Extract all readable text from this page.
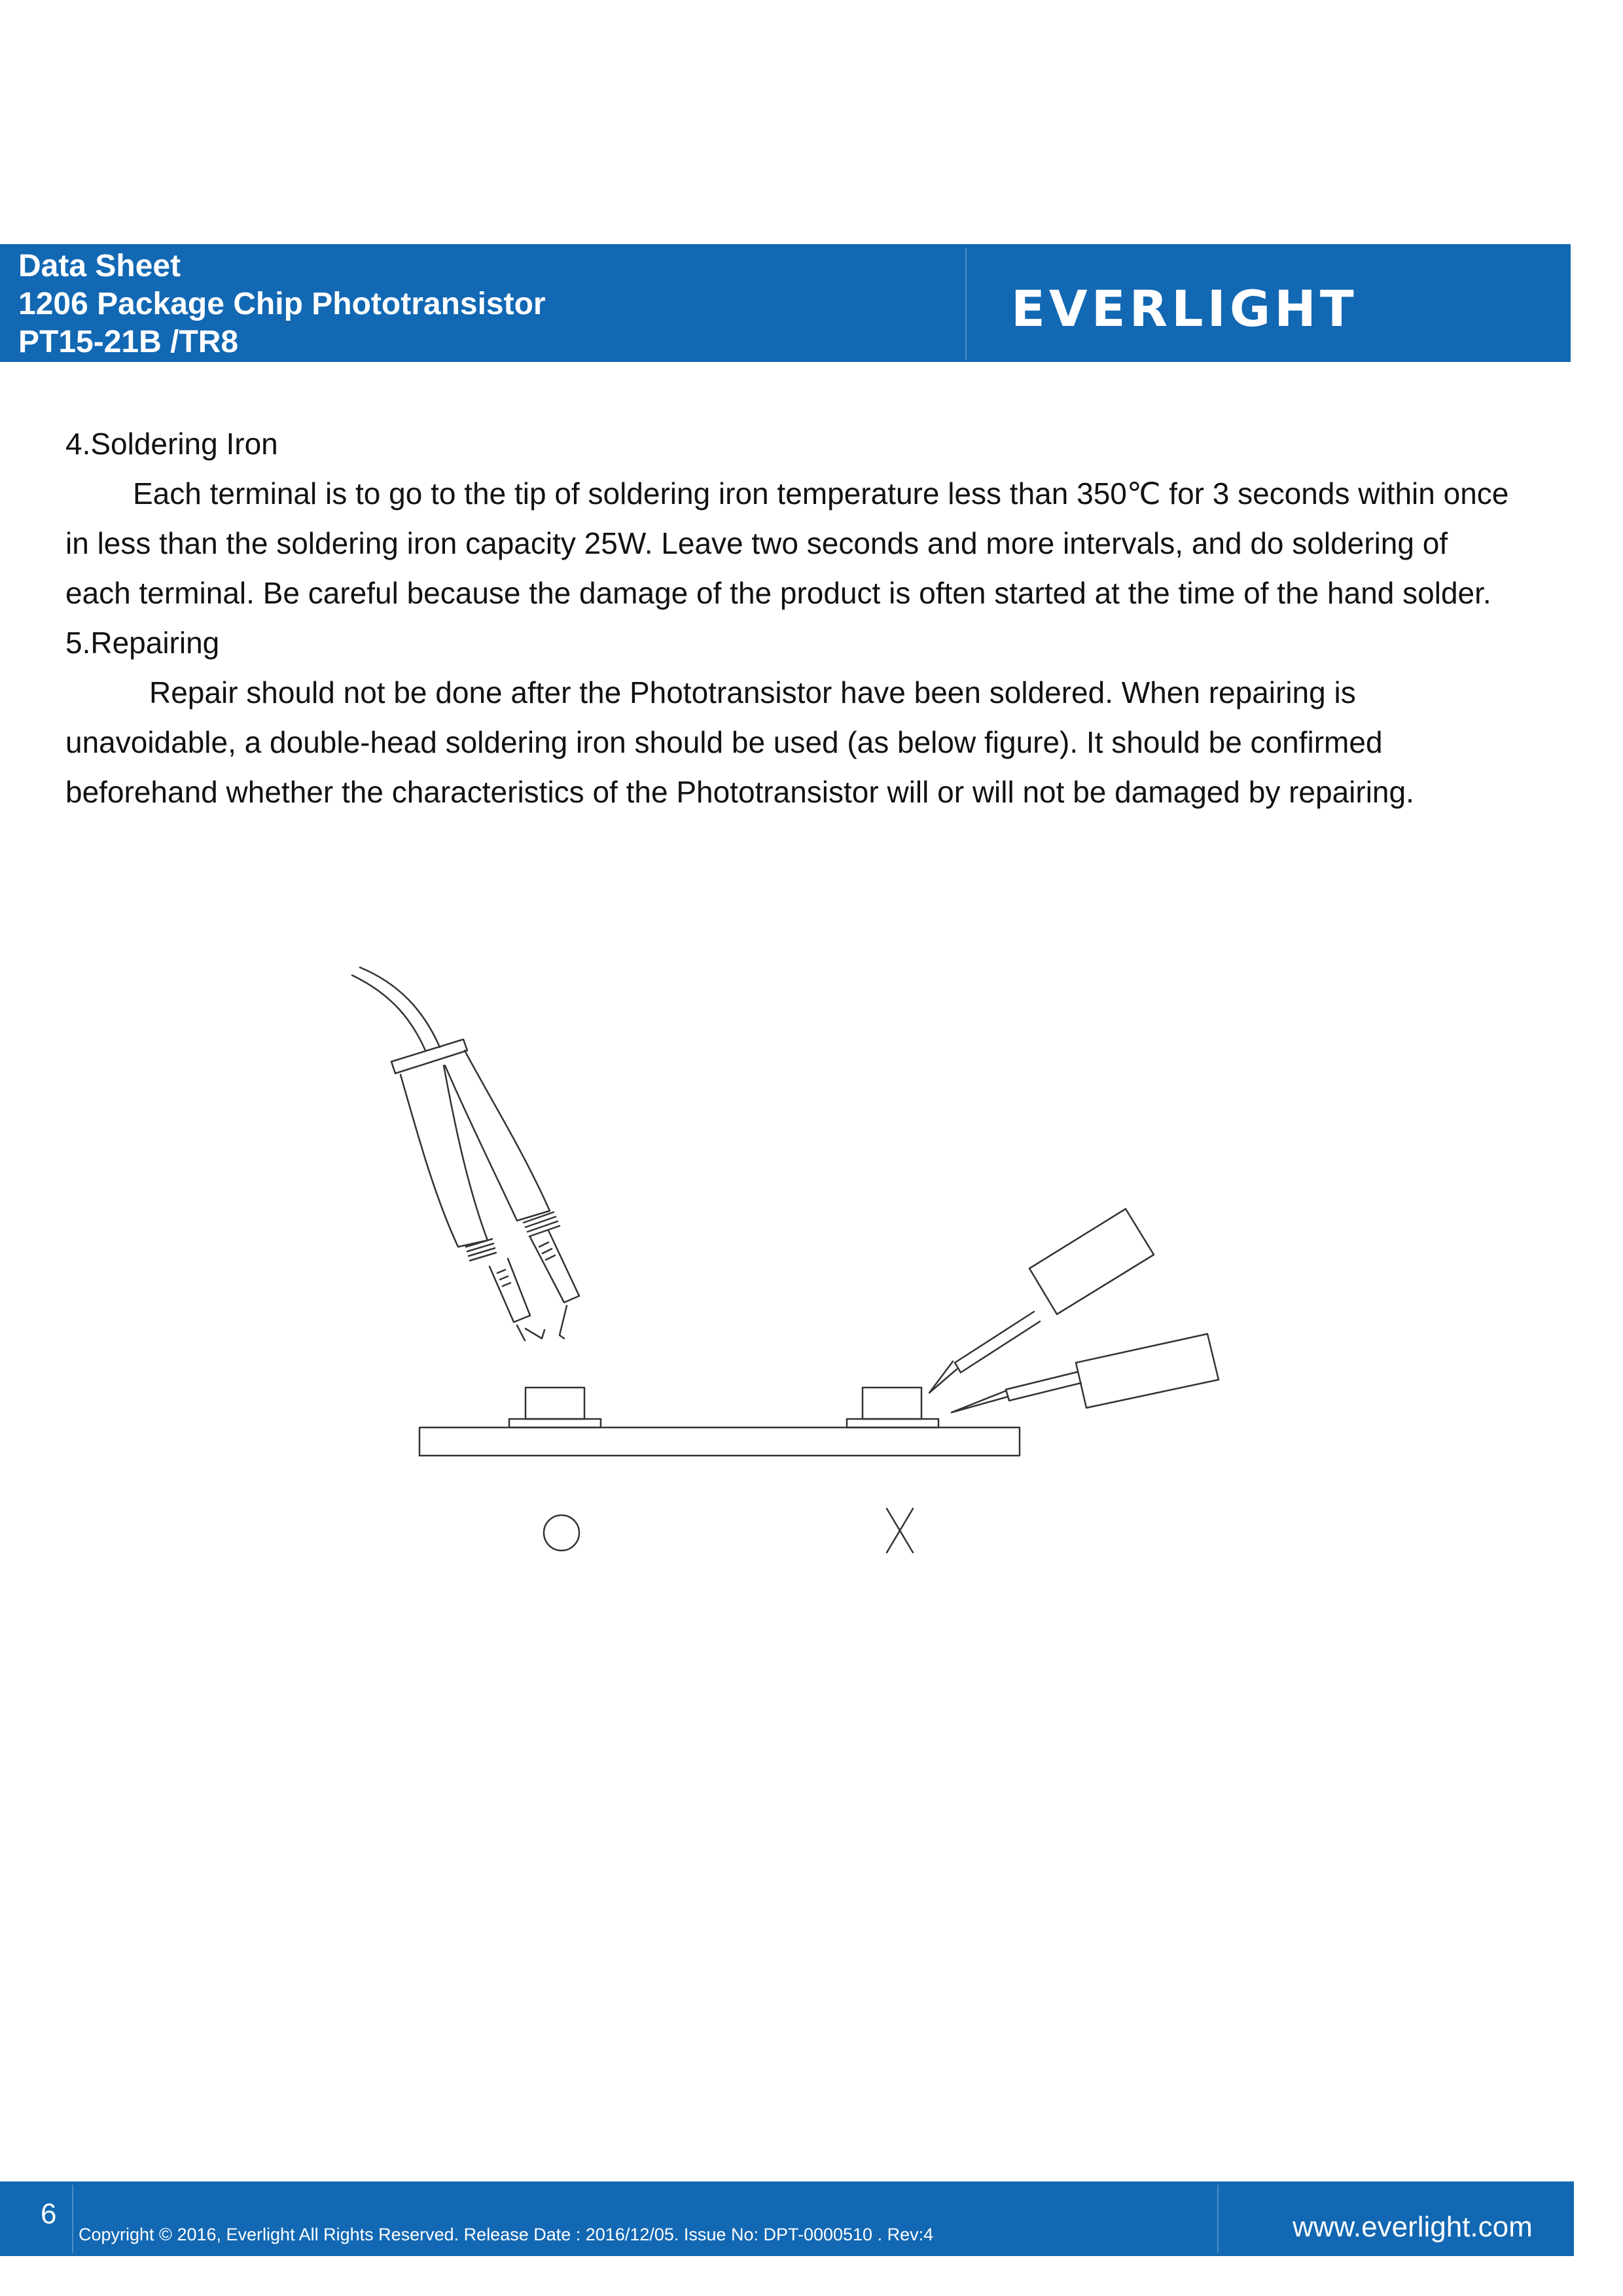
Data Sheet
1206 Package Chip Phototransistor
PT15-21B /TR8
EVERLIGHT

4.Soldering Iron

Each terminal is to go to the tip of soldering iron temperature less than 350℃ for 3 seconds within once in less than the soldering iron capacity 25W. Leave two seconds and more intervals, and do soldering of each terminal. Be careful because the damage of the product is often started at the time of the hand solder.

5.Repairing

Repair should not be done after the Phototransistor have been soldered. When repairing is unavoidable, a double-head soldering iron should be used (as below figure). It should be confirmed beforehand whether the characteristics of the Phototransistor will or will not be damaged by repairing.

6
Copyright © 2016, Everlight All Rights Reserved. Release Date : 2016/12/05. Issue No: DPT-0000510 . Rev:4	www.everlight.com
